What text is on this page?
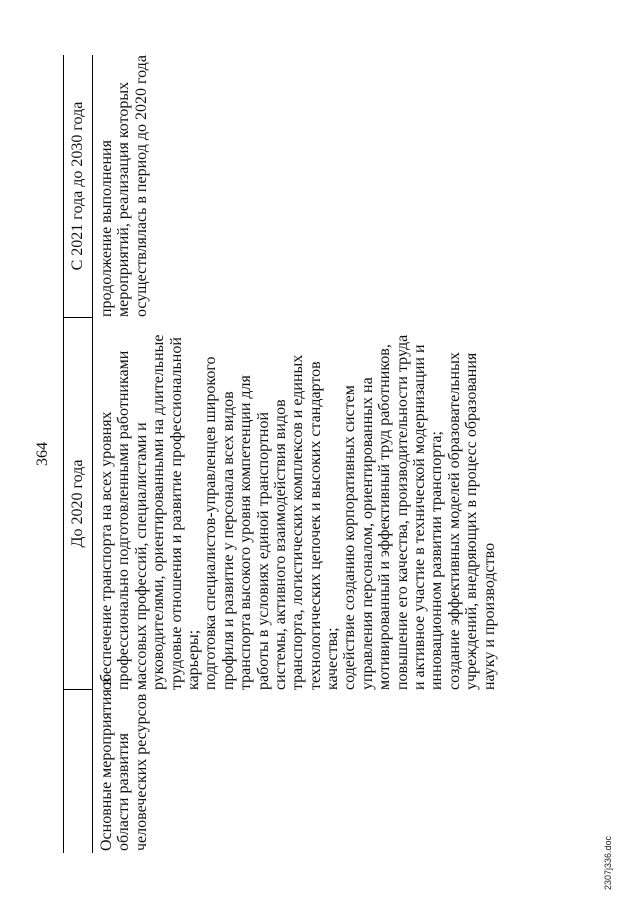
364
До 2020 года
С 2021 года до 2030 года
Основные мероприятия в области развития человеческих ресурсов
обеспечение транспорта на всех уровнях профессионально подготовленными работниками массовых профессий, специалистами и руководителями, ориентированными на длительные трудовые отношения и развитие профессиональной карьеры; подготовка специалистов-управленцев широкого профиля и развитие у персонала всех видов транспорта высокого уровня компетенции для работы в условиях единой транспортной системы, активного взаимодействия видов транспорта, логистических комплексов и единых технологических цепочек и высоких стандартов качества; содействие созданию корпоративных систем управления персоналом, ориентированных на мотивированный и эффективный труд работников, повышение его качества, производительности труда и активное участие в технической модернизации и инновационном развитии транспорта; создание эффективных моделей образовательных учреждений, внедряющих в процесс образования науку и производство
продолжение выполнения мероприятий, реализация которых осуществлялась в период до 2020 года
2307j336.doc
